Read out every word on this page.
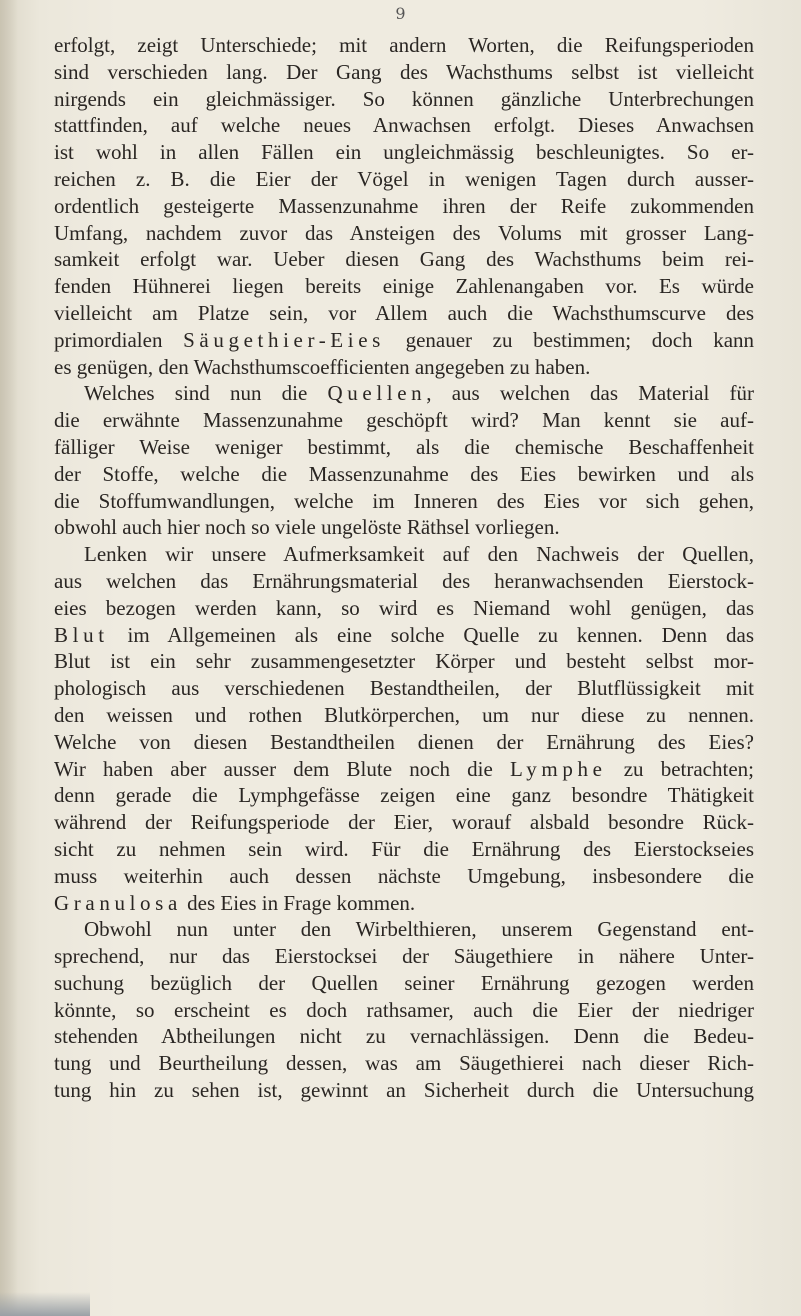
9
erfolgt, zeigt Unterschiede; mit andern Worten, die Reifungsperioden
sind verschieden lang. Der Gang des Wachsthums selbst ist vielleicht
nirgends ein gleichmässiger. So können gänzliche Unterbrechungen
stattfinden, auf welche neues Anwachsen erfolgt. Dieses Anwachsen
ist wohl in allen Fällen ein ungleichmässig beschleunigtes. So er-
reichen z. B. die Eier der Vögel in wenigen Tagen durch ausser-
ordentlich gesteigerte Massenzunahme ihren der Reife zukommenden
Umfang, nachdem zuvor das Ansteigen des Volums mit grosser Lang-
samkeit erfolgt war. Ueber diesen Gang des Wachsthums beim rei-
fenden Hühnerei liegen bereits einige Zahlenangaben vor. Es würde
vielleicht am Platze sein, vor Allem auch die Wachsthumscurve des
primordialen Säugethier-Eies genauer zu bestimmen; doch kann
es genügen, den Wachsthumscoefficienten angegeben zu haben.
Welches sind nun die Quellen, aus welchen das Material für
die erwähnte Massenzunahme geschöpft wird? Man kennt sie auf-
fälliger Weise weniger bestimmt, als die chemische Beschaffenheit
der Stoffe, welche die Massenzunahme des Eies bewirken und als
die Stoffumwandlungen, welche im Inneren des Eies vor sich gehen,
obwohl auch hier noch so viele ungelöste Räthsel vorliegen.
Lenken wir unsere Aufmerksamkeit auf den Nachweis der Quellen,
aus welchen das Ernährungsmaterial des heranwachsenden Eierstock-
eies bezogen werden kann, so wird es Niemand wohl genügen, das
Blut im Allgemeinen als eine solche Quelle zu kennen. Denn das
Blut ist ein sehr zusammengesetzter Körper und besteht selbst mor-
phologisch aus verschiedenen Bestandtheilen, der Blutflüssigkeit mit
den weissen und rothen Blutkörperchen, um nur diese zu nennen.
Welche von diesen Bestandtheilen dienen der Ernährung des Eies?
Wir haben aber ausser dem Blute noch die Lymphe zu betrachten;
denn gerade die Lymphgefässe zeigen eine ganz besondre Thätigkeit
während der Reifungsperiode der Eier, worauf alsbald besondre Rück-
sicht zu nehmen sein wird. Für die Ernährung des Eierstockseies
muss weiterhin auch dessen nächste Umgebung, insbesondere die
Granulosa des Eies in Frage kommen.
Obwohl nun unter den Wirbelthieren, unserem Gegenstand ent-
sprechend, nur das Eierstocksei der Säugethiere in nähere Unter-
suchung bezüglich der Quellen seiner Ernährung gezogen werden
könnte, so erscheint es doch rathsamer, auch die Eier der niedriger
stehenden Abtheilungen nicht zu vernachlässigen. Denn die Bedeu-
tung und Beurtheilung dessen, was am Säugethierei nach dieser Rich-
tung hin zu sehen ist, gewinnt an Sicherheit durch die Untersuchung
